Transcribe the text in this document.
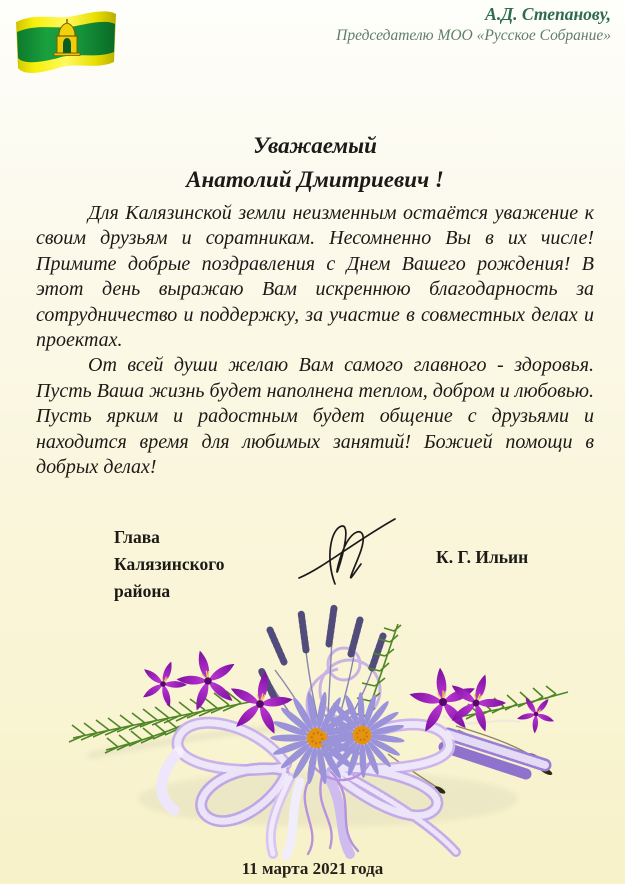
А.Д. Степанову,
Председателю МОО «Русское Собрание»
Уважаемый
Анатолий Дмитриевич !

Для Калязинской земли неизменным остаётся уважение к своим друзьям и соратникам. Несомненно Вы в их числе! Примите добрые поздравления с Днем Вашего рождения! В этот день выражаю Вам искреннюю благодарность за сотрудничество и поддержку, за участие в совместных делах и проектах.

От всей души желаю Вам самого главного - здоровья. Пусть Ваша жизнь будет наполнена теплом, добром и любовью. Пусть ярким и радостным будет общение с друзьями и находится время для любимых занятий! Божией помощи в добрых делах!

Глава
Калязинского
района
К. Г. Ильин
11 марта 2021 года
